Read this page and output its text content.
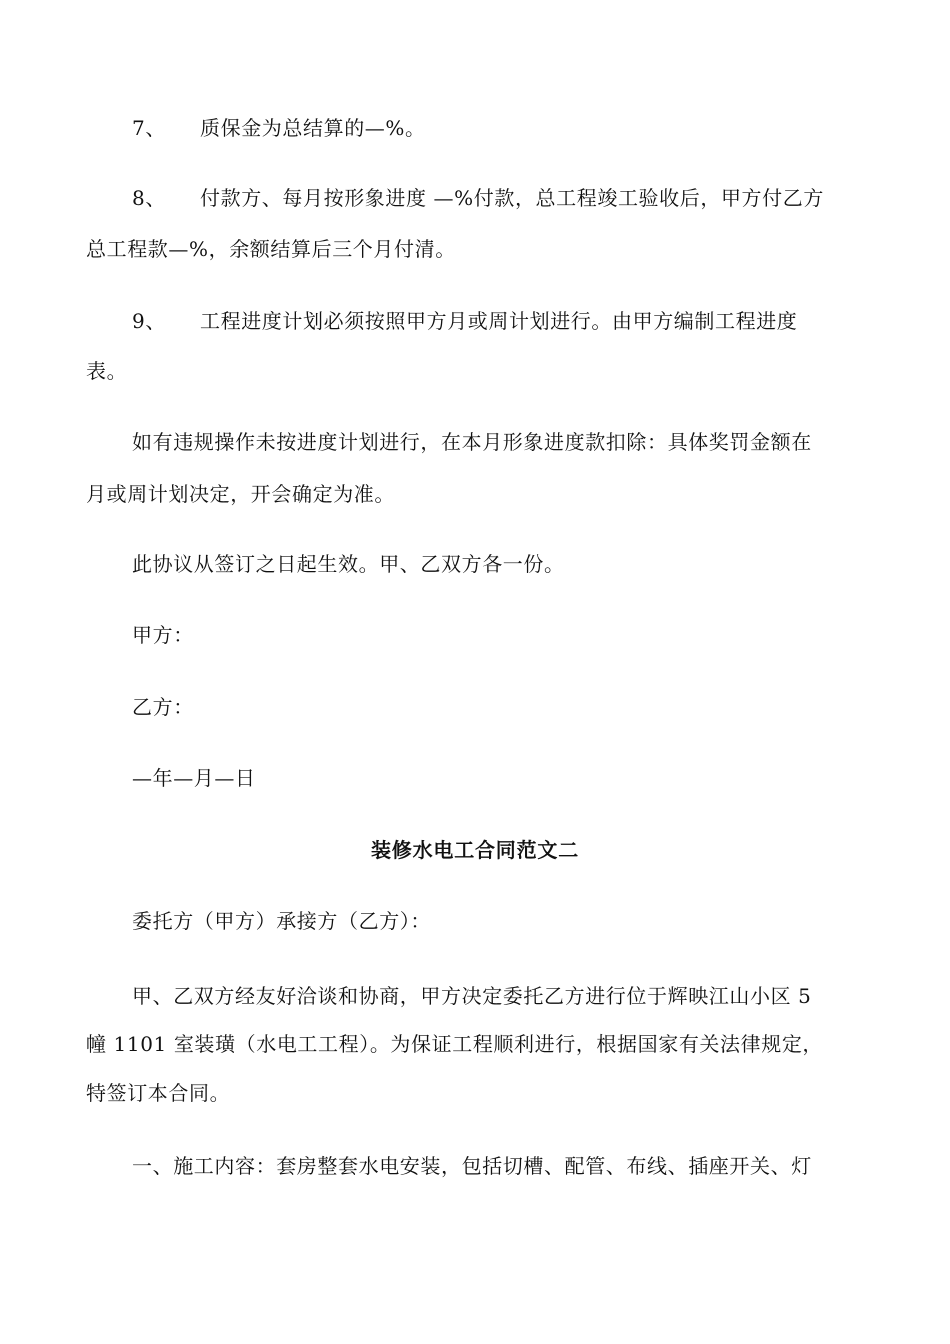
7、 质保金为总结算的—%。
8、 付款方、每月按形象进度 —%付款，总工程竣工验收后，甲方付乙方
总工程款—%，余额结算后三个月付清。
9、 工程进度计划必须按照甲方月或周计划进行。由甲方编制工程进度
表。
如有违规操作未按进度计划进行，在本月形象进度款扣除：具体奖罚金额在
月或周计划决定，开会确定为准。
此协议从签订之日起生效。甲、乙双方各一份。
甲方：
乙方：
—年—月—日
装修水电工合同范文二
委托方（甲方）承接方（乙方）：
甲、乙双方经友好洽谈和协商，甲方决定委托乙方进行位于辉映江山小区 5
幢 1101 室装璜（水电工工程）。为保证工程顺利进行，根据国家有关法律规定，
特签订本合同。
一、施工内容：套房整套水电安装，包括切槽、配管、布线、插座开关、灯
